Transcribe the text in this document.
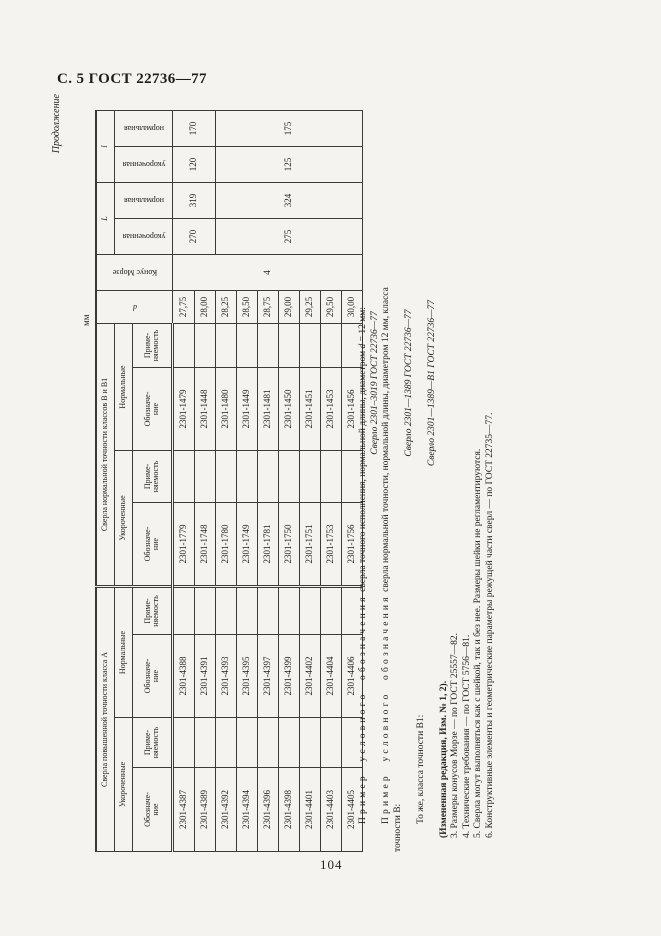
С. 5 ГОСТ 22736—77
Продолжение
мм
Сверла повышенной точности класса А				Сверла нормальной точности классов В и В1				d	Конус Морзе	L		l	
Укороченные		Нормальные		Укороченные		Нормальные				укороченная	нормальная	укороченная	нормальная

Обозначе- ние	Приме- няемость	Обозначе- ние	Приме- няемость	Обозначе- ние	Приме- няемость	Обозначе- ние	Приме- няемость						

2301-4387		2301-4388		2301-1779		2301-1479		27,75	4	270	319	120	170
2301-4389		2301-4391		2301-1748		2301-1448		28,00					
2301-4392		2301-4393		2301-1780		2301-1480		28,25		275	324	125	175
2301-4394		2301-4395		2301-1749		2301-1449		28,50					
2301-4396		2301-4397		2301-1781		2301-1481		28,75					
2301-4398		2301-4399		2301-1750		2301-1450		29,00					
2301-4401		2301-4402		2301-1751		2301-1451		29,25					
2301-4403		2301-4404		2301-1753		2301-1453		29,50					
2301-4405		2301-4406		2301-1756		2301-1456		30,00					

Пример условного обозначения сверла точного исполнения, нормальной длины, диаметром d = 12 мм: Сверло 2301–3019 ГОСТ 22736—77

Пример условного обозначения сверла нормальной точности, нормальной длины, диаметром 12 мм, класса

точности В:

Сверло 2301—1389 ГОСТ 22736—77

То же, класса точности В1:

Сверло 2301—1389—В1 ГОСТ 22736—77

(Измененная редакция, Изм. № 1, 2). 3. Размеры конусов Морзе — по ГОСТ 25557—82. 4. Технические требования — по ГОСТ 5756—81. 5. Сверла могут выполняться как с шейкой, так и без нее. Размеры шейки не регламентируются. 6. Конструктивные элементы и геометрические параметры режущей части сверл — по ГОСТ 22735—77.

104
